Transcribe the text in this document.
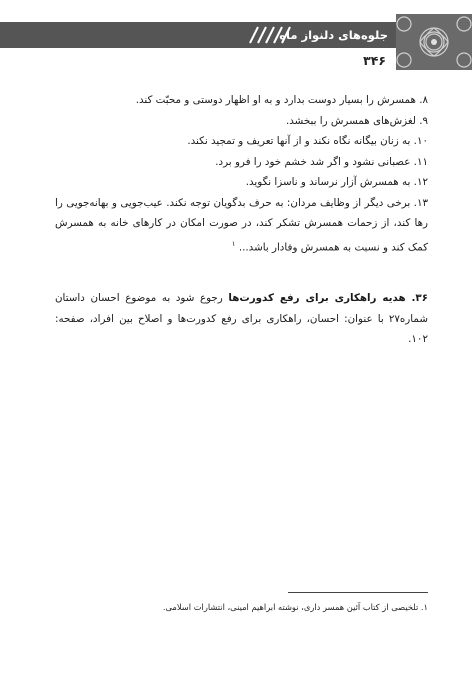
جلوه‌های دلنواز ماه
۳۴۶

۸. همسرش را بسیار دوست بدارد و به او اظهار دوستی و محبّت کند.

۹. لغزش‌های همسرش را ببخشد.

۱۰. به زنان بیگانه نگاه نکند و از آنها تعریف و تمجید نکند.

۱۱. عصبانی نشود و اگر شد خشم خود را فرو برد.

۱۲. به همسرش آزار نرساند و ناسزا نگوید.

۱۳. برخی دیگر از وظایف مردان: به حرف بدگویان توجه نکند. عیب‌جویی و بهانه‌جویی را رها کند، از زحمات همسرش تشکر کند، در صورت امکان در کارهای خانه به همسرش کمک کند و نسبت به همسرش وفادار باشد... $^۱$

۳۶. هدیه راهکاری برای رفع کدورت‌ها رجوع شود به موضوع احسان داستان شماره۲۷ با عنوان: احسان، راهکاری برای رفع کدورت‌ها و اصلاح بین افراد، صفحه: ۱۰۲.

۱. تلخیصی از کتاب آئین همسر داری، نوشته ابراهیم امینی، انتشارات اسلامی.
